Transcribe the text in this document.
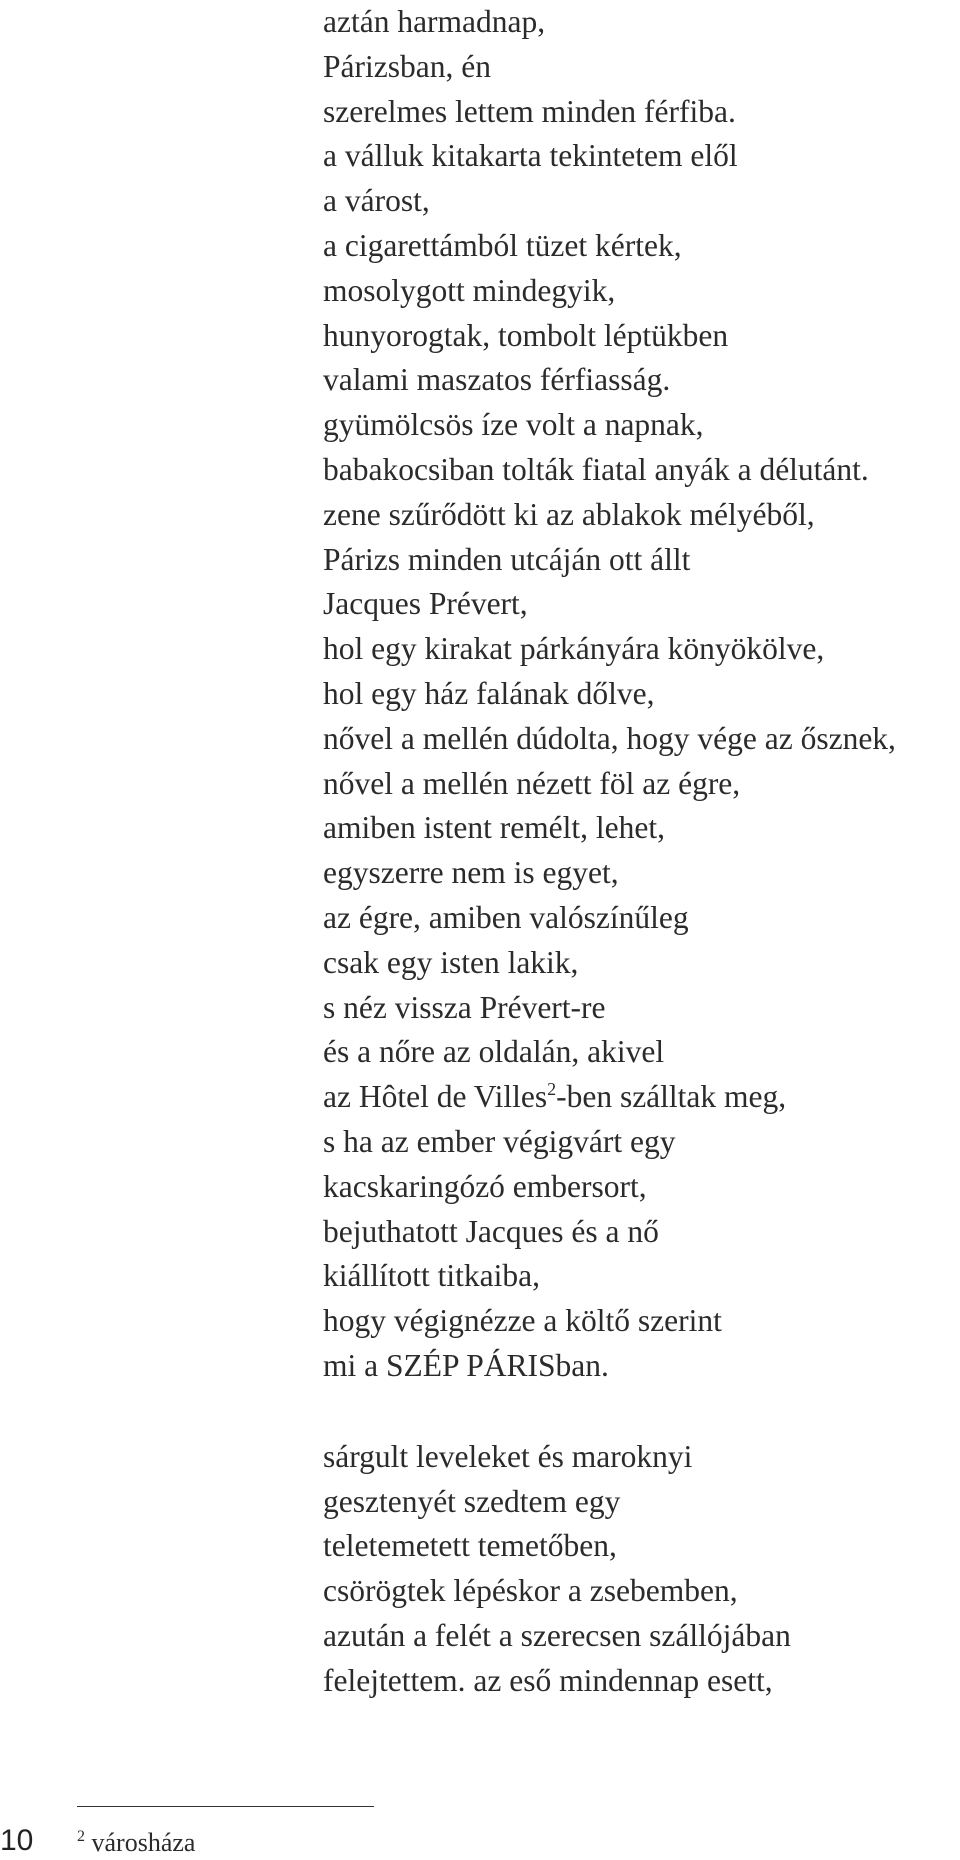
aztán harmadnap,
Párizsban, én
szerelmes lettem minden férfiba.
a válluk kitakarta tekintetem elől
a várost,
a cigarettámból tüzet kértek,
mosolygott mindegyik,
hunyorogtak, tombolt léptükben
valami maszatos férfiasság.
gyümölcsös íze volt a napnak,
babakocsiban tolták fiatal anyák a délutánt.
zene szűrődött ki az ablakok mélyéből,
Párizs minden utcáján ott állt
Jacques Prévert,
hol egy kirakat párkányára könyökölve,
hol egy ház falának dőlve,
nővel a mellén dúdolta, hogy vége az ősznek,
nővel a mellén nézett föl az égre,
amiben istent remélt, lehet,
egyszerre nem is egyet,
az égre, amiben valószínűleg
csak egy isten lakik,
s néz vissza Prévert-re
és a nőre az oldalán, akivel
az Hôtel de Villes$^2$-ben szálltak meg,
s ha az ember végigvárt egy
kacskaringózó embersort,
bejuthatott Jacques és a nő
kiállított titkaiba,
hogy végignézze a költő szerint
mi a SZÉP PÁRISban.
sárgult leveleket és maroknyi
gesztenyét szedtem egy
teletemetett temetőben,
csörögtek lépéskor a zsebemben,
azután a felét a szerecsen szállójában
felejtettem. az eső mindennap esett,
10	$^2$ városháza
